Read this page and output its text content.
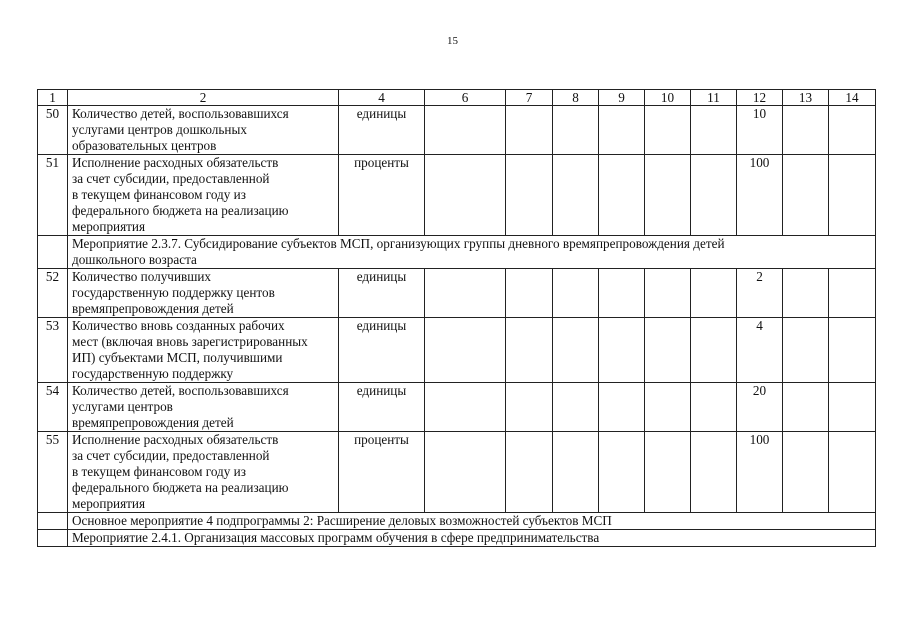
15
1	2	4	6	7	8	9	10	11	12	13	14
50	Количество детей, воспользовавшихся
услугами центров дошкольных
образовательных центров	единицы							10		
51	Исполнение расходных обязательств
за счет субсидии, предоставленной
в текущем финансовом году из
федерального бюджета на реализацию
мероприятия	проценты							100		

	Мероприятие 2.3.7. Субсидирование субъектов МСП, организующих группы дневного времяпрепровождения детей
дошкольного возраста										

52	Количество получивших
государственную поддержку центов
времяпрепровождения детей	единицы							2		
53	Количество вновь созданных рабочих
мест (включая вновь зарегистрированных
ИП) субъектами МСП, получившими
государственную поддержку	единицы							4		
54	Количество детей, воспользовавшихся
услугами центров
времяпрепровождения детей	единицы							20		
55	Исполнение расходных обязательств
за счет субсидии, предоставленной
в текущем финансовом году из
федерального бюджета на реализацию
мероприятия	проценты							100		

	Основное мероприятие 4 подпрограммы 2: Расширение деловых возможностей субъектов МСП										

	Мероприятие 2.4.1. Организация массовых программ обучения в сфере предпринимательства										
